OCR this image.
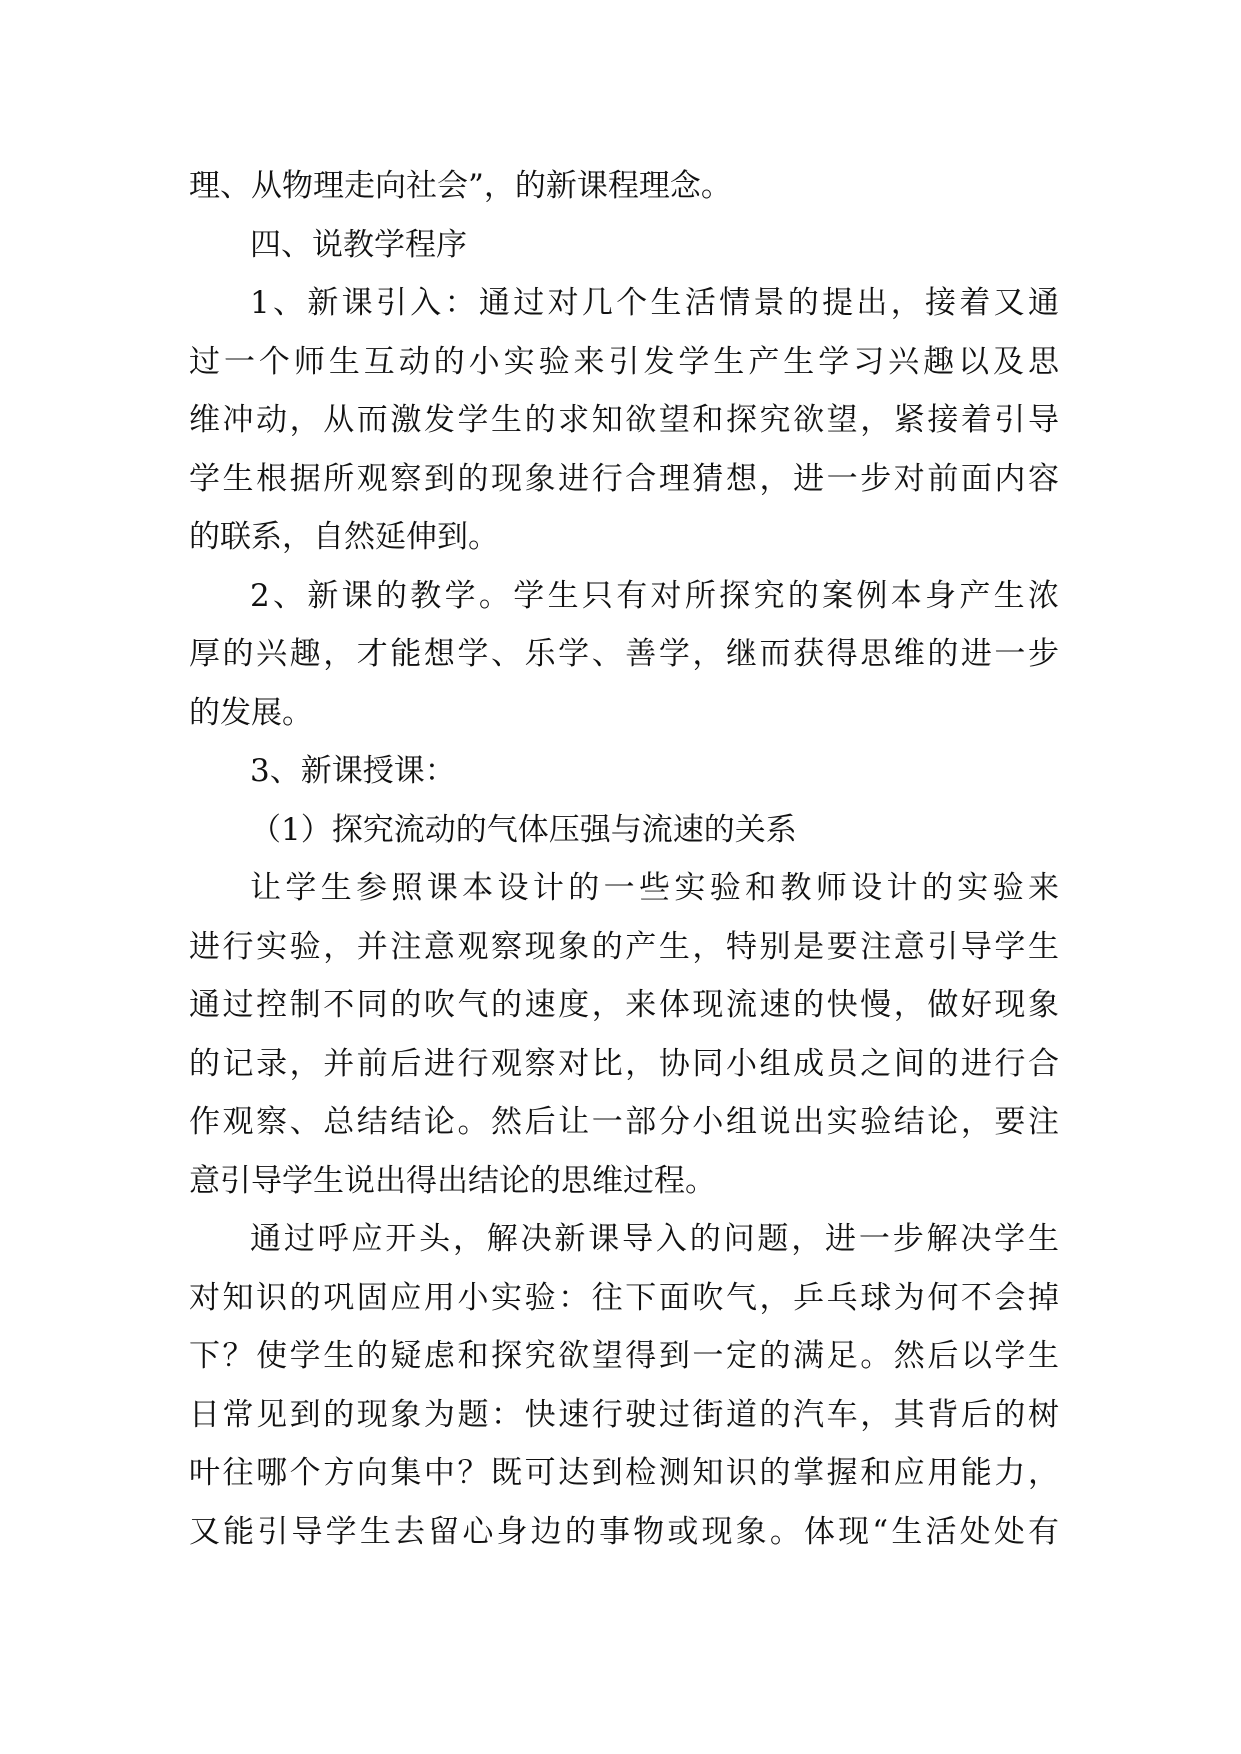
理、从物理走向社会”，的新课程理念。
四、说教学程序
1、新课引入：通过对几个生活情景的提出，接着又通
过一个师生互动的小实验来引发学生产生学习兴趣以及思
维冲动，从而激发学生的求知欲望和探究欲望，紧接着引导
学生根据所观察到的现象进行合理猜想，进一步对前面内容
的联系，自然延伸到。
2、新课的教学。学生只有对所探究的案例本身产生浓
厚的兴趣，才能想学、乐学、善学，继而获得思维的进一步
的发展。
3、新课授课：
（1）探究流动的气体压强与流速的关系
让学生参照课本设计的一些实验和教师设计的实验来
进行实验，并注意观察现象的产生，特别是要注意引导学生
通过控制不同的吹气的速度，来体现流速的快慢，做好现象
的记录，并前后进行观察对比，协同小组成员之间的进行合
作观察、总结结论。然后让一部分小组说出实验结论，要注
意引导学生说出得出结论的思维过程。
通过呼应开头，解决新课导入的问题，进一步解决学生
对知识的巩固应用小实验：往下面吹气，乒乓球为何不会掉
下？使学生的疑虑和探究欲望得到一定的满足。然后以学生
日常见到的现象为题：快速行驶过街道的汽车，其背后的树
叶往哪个方向集中？既可达到检测知识的掌握和应用能力，
又能引导学生去留心身边的事物或现象。体现“生活处处有
